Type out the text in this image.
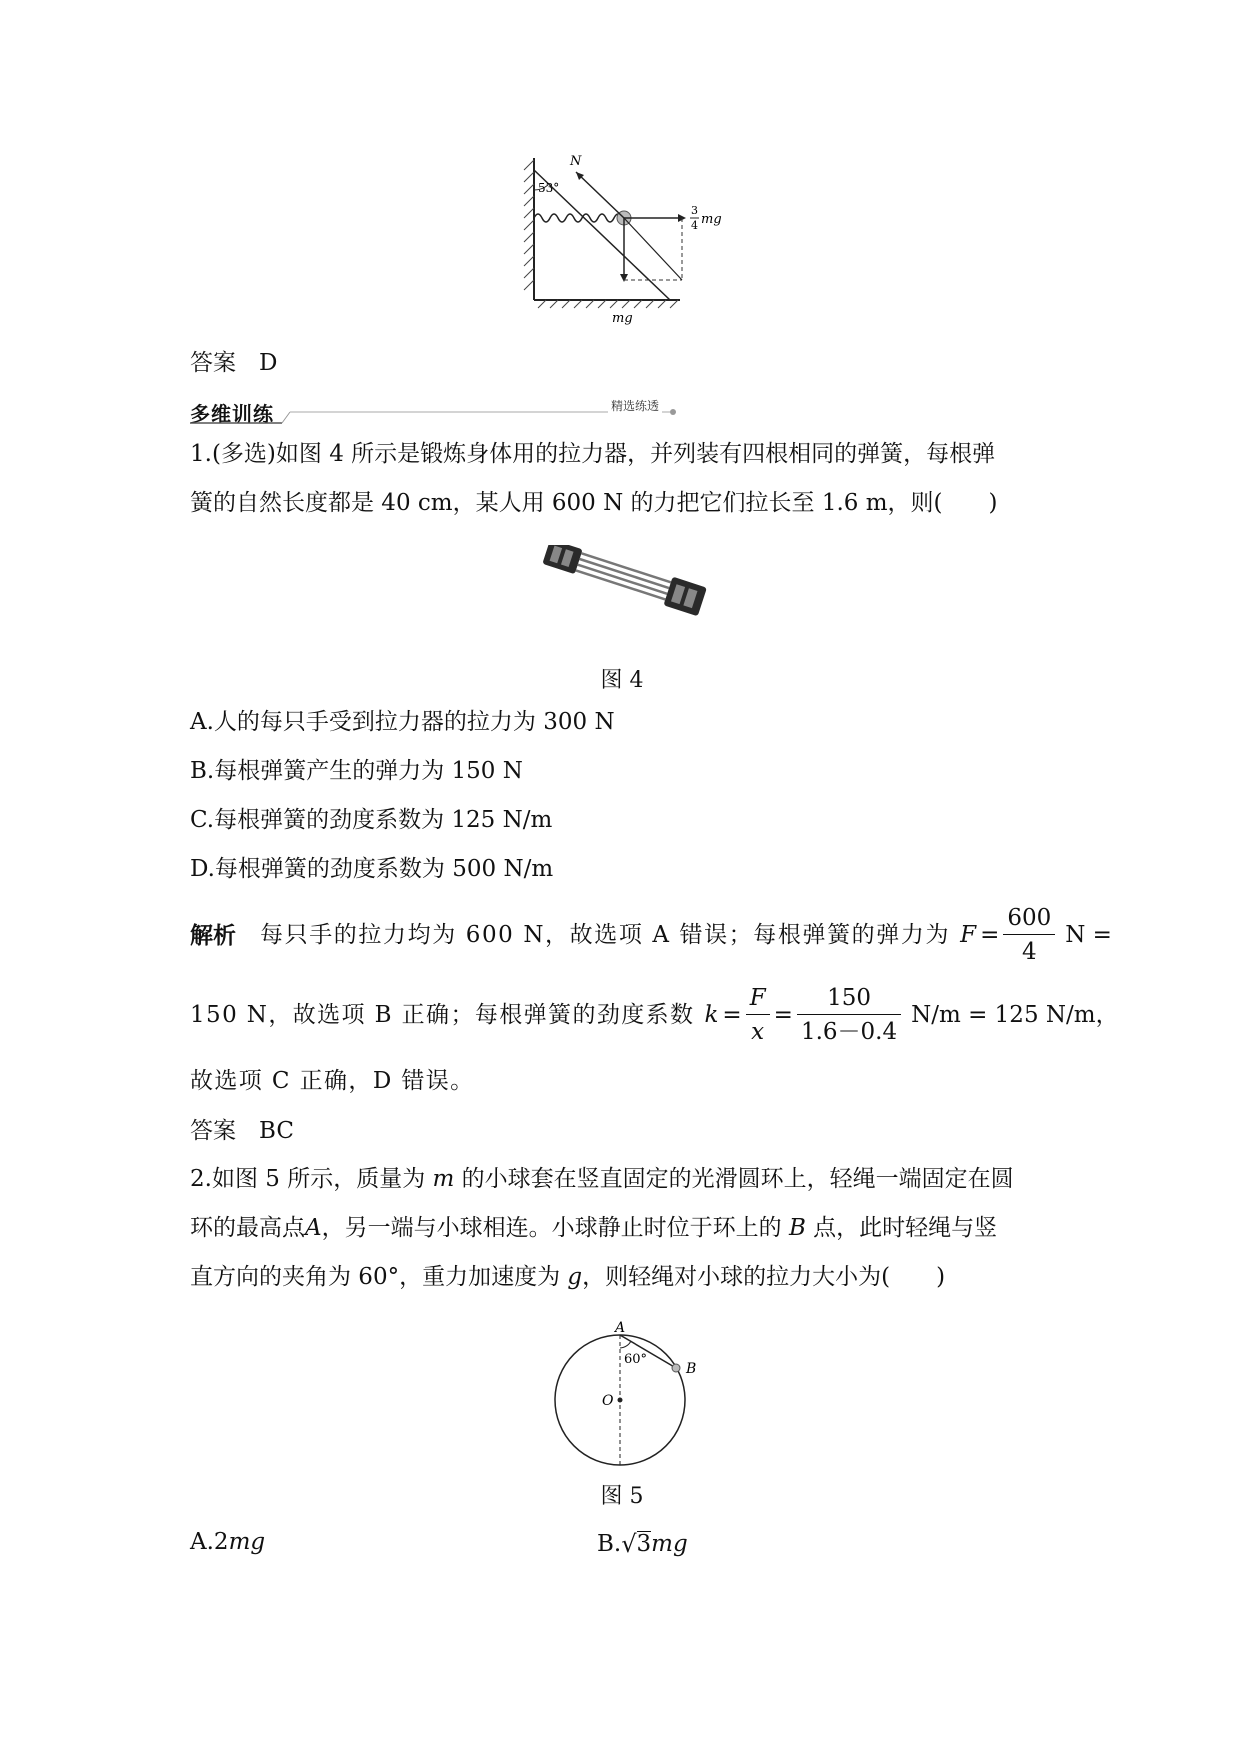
N
53°
3
4 mg
mg
答案　 D
多维训练	精选练透
1.(多选)如图 4 所示是锻炼身体用的拉力器，并列装有四根相同的弹簧，每根弹
簧的自然长度都是 40 cm，某人用 600 N 的力把它们拉长至 1.6 m，则(　　)
图 4
A.人的每只手受到拉力器的拉力为 300 N
B.每根弹簧产生的弹力为 150 N
C.每根弹簧的劲度系数为 125 N/m
D.每根弹簧的劲度系数为 500 N/m
解析 每只手的拉力均为 600 N，故选项 A 错误；每根弹簧的弹力为 $F = \frac{600}{4}$ N =
150 N，故选项 B 正确；每根弹簧的劲度系数 $k = \frac{F}{x} = \frac{150}{1.6-0.4} N/m = 125$ N/m，
故选项 C 正确，D 错误。
答案　 BC
2.如图 5 所示，质量为 m 的小球套在竖直固定的光滑圆环上，轻绳一端固定在圆
环的最高点A，另一端与小球相连。小球静止时位于环上的 B 点，此时轻绳与竖
直方向的夹角为 60°，重力加速度为 g，则轻绳对小球的拉力大小为(　　)
A
60°
B
O
图 5
A.2mg	B. √ 3 mg
